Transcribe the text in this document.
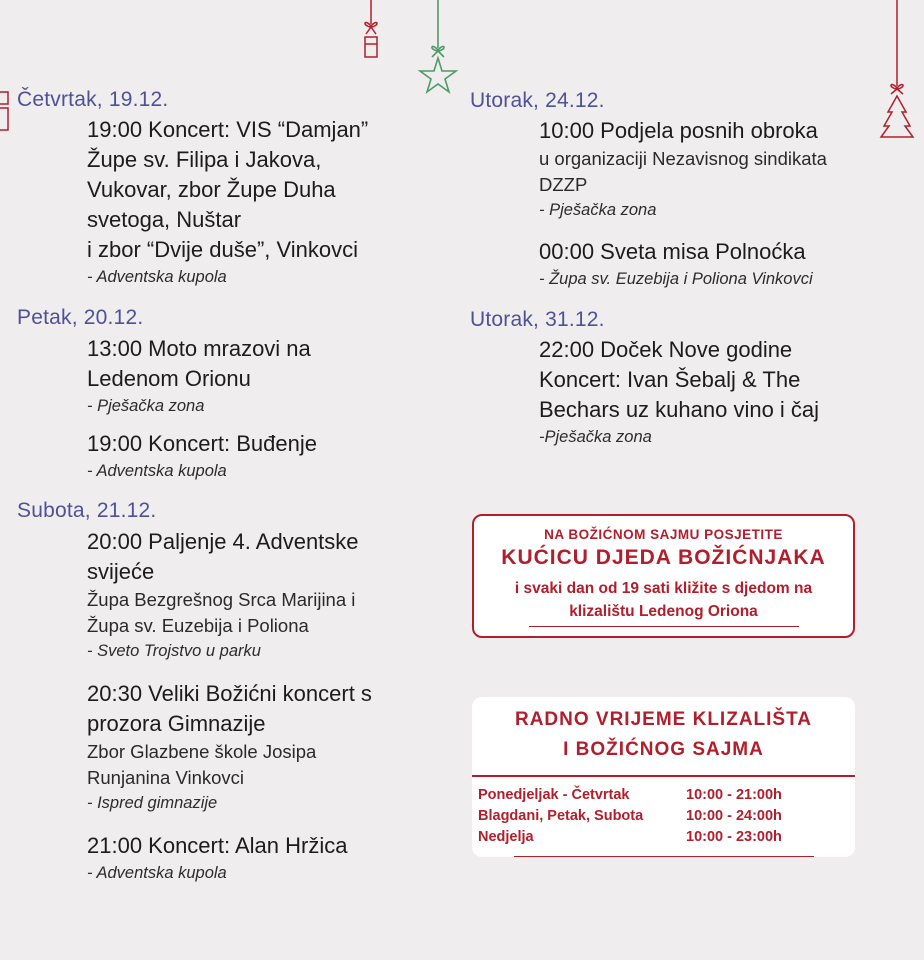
Četvrtak, 19.12.
19:00 Koncert: VIS “Damjan”
Župe sv. Filipa i Jakova,
Vukovar, zbor Župe Duha
svetoga, Nuštar
i zbor “Dvije duše”, Vinkovci
- Adventska kupola
Petak, 20.12.
13:00 Moto mrazovi na
Ledenom Orionu
- Pješačka zona
19:00 Koncert: Buđenje
- Adventska kupola
Subota, 21.12.
20:00 Paljenje 4. Adventske
svijeće
Župa Bezgrešnog Srca Marijina i
Župa sv. Euzebija i Poliona
- Sveto Trojstvo u parku
20:30 Veliki Božićni koncert s
prozora Gimnazije
Zbor Glazbene škole Josipa
Runjanina Vinkovci
- Ispred gimnazije
21:00 Koncert: Alan Hržica
- Adventska kupola
Utorak, 24.12.
10:00 Podjela posnih obroka
u organizaciji Nezavisnog sindikata
DZZP
- Pješačka zona
00:00 Sveta misa Polnoćka
- Župa sv. Euzebija i Poliona Vinkovci
Utorak, 31.12.
22:00 Doček Nove godine
Koncert: Ivan Šebalj & The
Bechars uz kuhano vino i čaj
-Pješačka zona
NA BOŽIĆNOM SAJMU POSJETITE
KUĆICU DJEDA BOŽIĆNJAKA
i svaki dan od 19 sati kližite s djedom na
klizalištu Ledenog Oriona
RADNO VRIJEME KLIZALIŠTA
I BOŽIĆNOG SAJMA
Ponedjeljak - Četvrtak	10:00 - 21:00h
Blagdani, Petak, Subota	10:00 - 24:00h
Nedjelja	10:00 - 23:00h
